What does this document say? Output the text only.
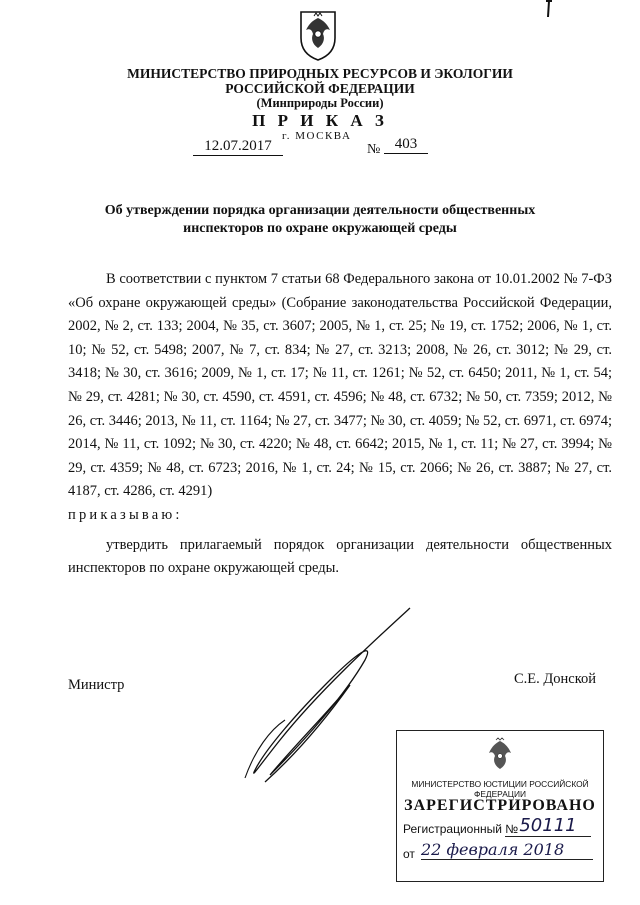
МИНИСТЕРСТВО ПРИРОДНЫХ РЕСУРСОВ И ЭКОЛОГИИ
РОССИЙСКОЙ ФЕДЕРАЦИИ
(Минприроды России)
П Р И К А З
г. МОСКВА
12.07.2017	№ 403
Об утверждении порядка организации деятельности общественных
инспекторов по охране окружающей среды

В соответствии с пунктом 7 статьи 68 Федерального закона от 10.01.2002 № 7-ФЗ «Об охране окружающей среды» (Собрание законодательства Российской Федерации, 2002, № 2, ст. 133; 2004, № 35, ст. 3607; 2005, № 1, ст. 25; № 19, ст. 1752; 2006, № 1, ст. 10; № 52, ст. 5498; 2007, № 7, ст. 834; № 27, ст. 3213; 2008, № 26, ст. 3012; № 29, ст. 3418; № 30, ст. 3616; 2009, № 1, ст. 17; № 11, ст. 1261; № 52, ст. 6450; 2011, № 1, ст. 54; № 29, ст. 4281; № 30, ст. 4590, ст. 4591, ст. 4596; № 48, ст. 6732; № 50, ст. 7359; 2012, № 26, ст. 3446; 2013, № 11, ст. 1164; № 27, ст. 3477; № 30, ст. 4059; № 52, ст. 6971, ст. 6974; 2014, № 11, ст. 1092; № 30, ст. 4220; № 48, ст. 6642; 2015, № 1, ст. 11; № 27, ст. 3994; № 29, ст. 4359; № 48, ст. 6723; 2016, № 1, ст. 24; № 15, ст. 2066; № 26, ст. 3887; № 27, ст. 4187, ст. 4286, ст. 4291)

приказываю:

утвердить прилагаемый порядок организации деятельности общественных инспекторов по охране окружающей среды.

Министр	С.Е. Донской
МИНИСТЕРСТВО ЮСТИЦИИ РОССИЙСКОЙ ФЕДЕРАЦИИ
ЗАРЕГИСТРИРОВАНО
Регистрационный № 50111
от 22 февраля 2018
